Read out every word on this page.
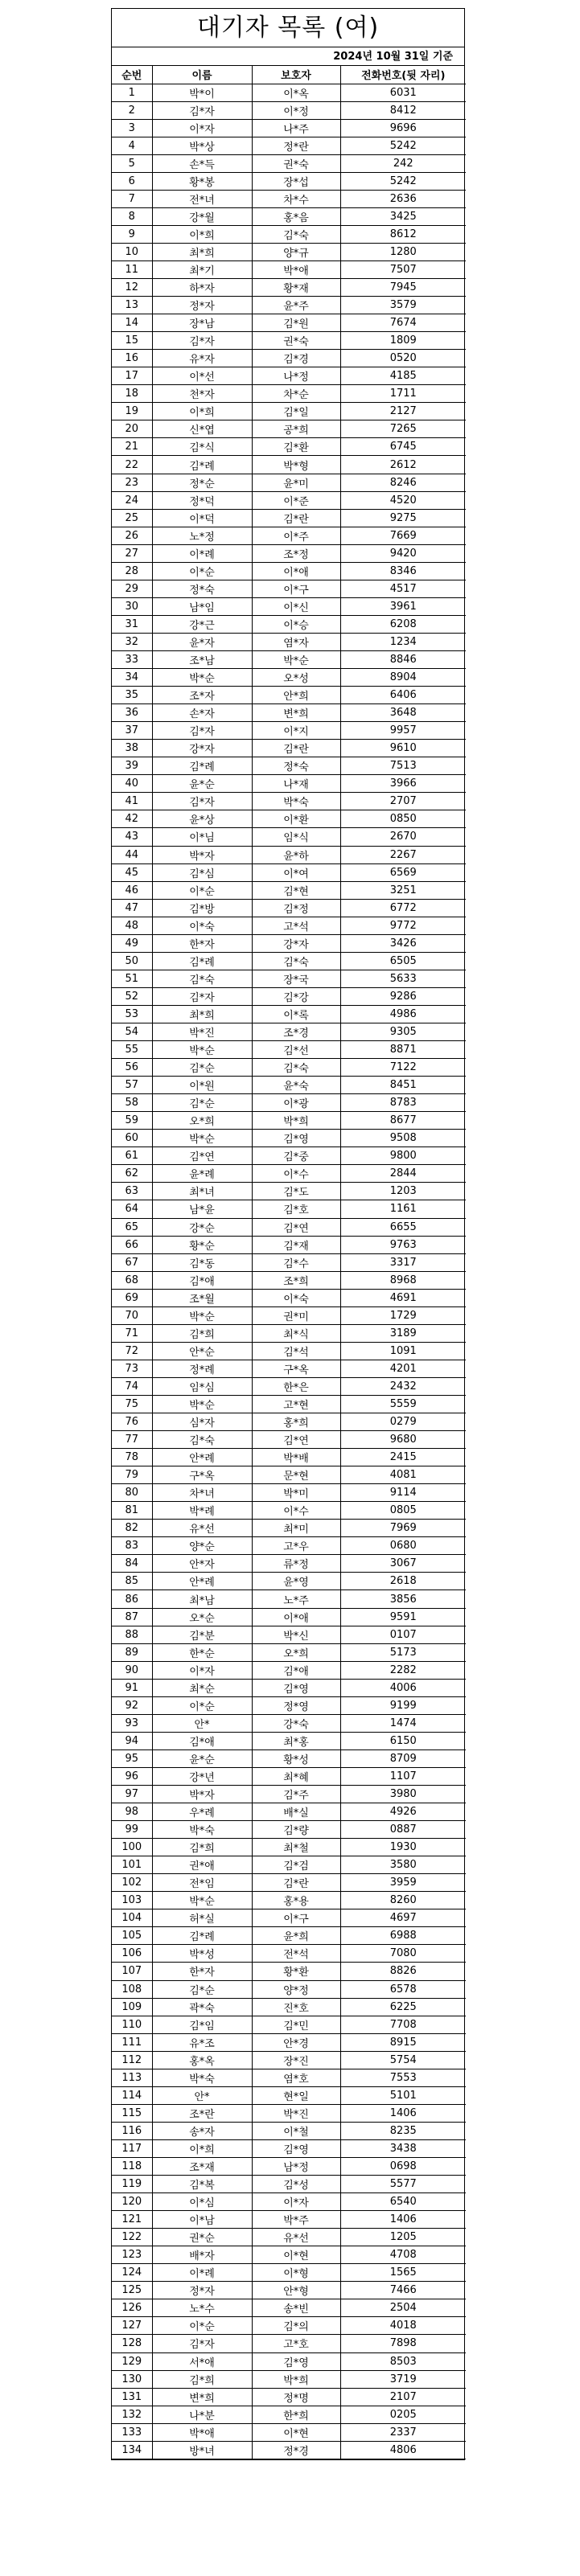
대기자 목록 (여)
2024년 10월 31일 기준
순번	이름	보호자	전화번호(뒷 자리)
1	박*이	이*옥	6031
2	김*자	이*정	8412
3	이*자	나*주	9696
4	박*상	정*란	5242
5	손*득	권*숙	242
6	황*봉	장*섭	5242
7	전*녀	차*수	2636
8	강*월	홍*음	3425
9	이*희	김*숙	8612
10	최*희	양*규	1280
11	최*기	박*애	7507
12	하*자	황*재	7945
13	정*자	윤*주	3579
14	장*남	김*원	7674
15	김*자	권*숙	1809
16	유*자	김*경	0520
17	이*선	나*정	4185
18	천*자	차*순	1711
19	이*희	김*일	2127
20	신*엽	공*희	7265
21	김*식	김*환	6745
22	김*례	박*형	2612
23	정*순	윤*미	8246
24	정*덕	이*준	4520
25	이*덕	김*란	9275
26	노*정	이*주	7669
27	이*례	조*정	9420
28	이*순	이*애	8346
29	정*숙	이*구	4517
30	남*임	이*신	3961
31	강*근	이*승	6208
32	윤*자	염*자	1234
33	조*남	박*순	8846
34	박*순	오*성	8904
35	조*자	안*희	6406
36	손*자	변*희	3648
37	김*자	이*지	9957
38	강*자	김*란	9610
39	김*례	정*숙	7513
40	윤*순	나*재	3966
41	김*자	박*숙	2707
42	윤*상	이*환	0850
43	이*님	임*식	2670
44	박*자	윤*하	2267
45	김*심	이*여	6569
46	이*순	김*현	3251
47	김*방	김*정	6772
48	이*숙	고*석	9772
49	한*자	강*자	3426
50	김*례	김*숙	6505
51	김*숙	장*국	5633
52	김*자	김*강	9286
53	최*희	이*록	4986
54	박*진	조*경	9305
55	박*순	김*선	8871
56	김*순	김*숙	7122
57	이*원	윤*숙	8451
58	김*순	이*광	8783
59	오*희	박*희	8677
60	박*순	김*영	9508
61	김*연	김*중	9800
62	윤*례	이*수	2844
63	최*녀	김*도	1203
64	남*윤	김*호	1161
65	강*순	김*연	6655
66	황*순	김*재	9763
67	김*동	김*수	3317
68	김*애	조*희	8968
69	조*월	이*숙	4691
70	박*순	권*미	1729
71	김*희	최*식	3189
72	안*순	김*석	1091
73	정*례	구*옥	4201
74	임*심	한*은	2432
75	박*순	고*현	5559
76	심*자	홍*희	0279
77	김*숙	김*연	9680
78	안*례	박*배	2415
79	구*옥	문*현	4081
80	차*녀	박*미	9114
81	박*례	이*수	0805
82	유*선	최*미	7969
83	양*순	고*우	0680
84	안*자	류*정	3067
85	안*례	윤*영	2618
86	최*남	노*주	3856
87	오*순	이*애	9591
88	김*분	박*신	0107
89	한*순	오*희	5173
90	이*자	김*애	2282
91	최*순	김*영	4006
92	이*순	정*영	9199
93	안*	강*숙	1474
94	김*애	최*홍	6150
95	윤*순	황*성	8709
96	강*년	최*혜	1107
97	박*자	김*주	3980
98	우*례	배*실	4926
99	박*숙	김*량	0887
100	김*희	최*철	1930
101	권*애	김*검	3580
102	전*임	김*란	3959
103	박*순	홍*용	8260
104	허*실	이*구	4697
105	김*례	윤*희	6988
106	박*성	전*석	7080
107	한*자	황*환	8826
108	김*순	양*정	6578
109	곽*숙	진*호	6225
110	김*임	김*민	7708
111	유*조	안*경	8915
112	홍*옥	장*진	5754
113	박*숙	염*호	7553
114	안*	현*일	5101
115	조*란	박*진	1406
116	송*자	이*철	8235
117	이*희	김*영	3438
118	조*재	남*정	0698
119	김*복	김*성	5577
120	이*심	이*자	6540
121	이*남	박*주	1406
122	권*순	유*선	1205
123	배*자	이*현	4708
124	이*례	이*형	1565
125	정*자	안*형	7466
126	노*수	송*빈	2504
127	이*순	김*의	4018
128	김*자	고*호	7898
129	서*애	김*영	8503
130	김*희	박*희	3719
131	변*희	정*명	2107
132	나*분	한*희	0205
133	박*애	이*현	2337
134	방*녀	정*경	4806
